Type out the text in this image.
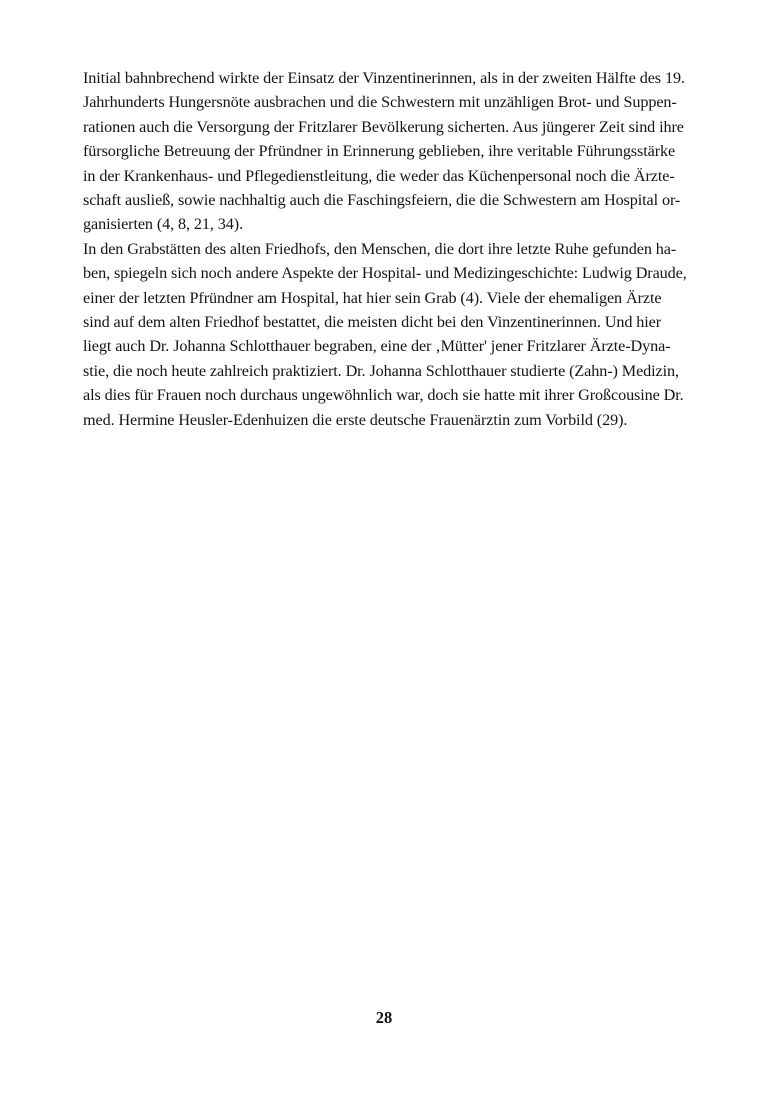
Initial bahnbrechend wirkte der Einsatz der Vinzentinerinnen, als in der zweiten Hälfte des 19.
Jahrhunderts Hungersnöte ausbrachen und die Schwestern mit unzähligen Brot- und Suppen-
rationen auch die Versorgung der Fritzlarer Bevölkerung sicherten. Aus jüngerer Zeit sind ihre
fürsorgliche Betreuung der Pfründner in Erinnerung geblieben, ihre veritable Führungsstärke
in der Krankenhaus- und Pflegedienstleitung, die weder das Küchenpersonal noch die Ärzte-
schaft ausließ, sowie nachhaltig auch die Faschingsfeiern, die die Schwestern am Hospital or-
ganisierten (4, 8, 21, 34).
In den Grabstätten des alten Friedhofs, den Menschen, die dort ihre letzte Ruhe gefunden ha-
ben, spiegeln sich noch andere Aspekte der Hospital- und Medizingeschichte: Ludwig Draude,
einer der letzten Pfründner am Hospital, hat hier sein Grab (4). Viele der ehemaligen Ärzte
sind auf dem alten Friedhof bestattet, die meisten dicht bei den Vinzentinerinnen. Und hier
liegt auch Dr. Johanna Schlotthauer begraben, eine der ‚Mütter' jener Fritzlarer Ärzte-Dyna-
stie, die noch heute zahlreich praktiziert. Dr. Johanna Schlotthauer studierte (Zahn-) Medizin,
als dies für Frauen noch durchaus ungewöhnlich war, doch sie hatte mit ihrer Großcousine Dr.
med. Hermine Heusler-Edenhuizen die erste deutsche Frauenärztin zum Vorbild (29).
28
